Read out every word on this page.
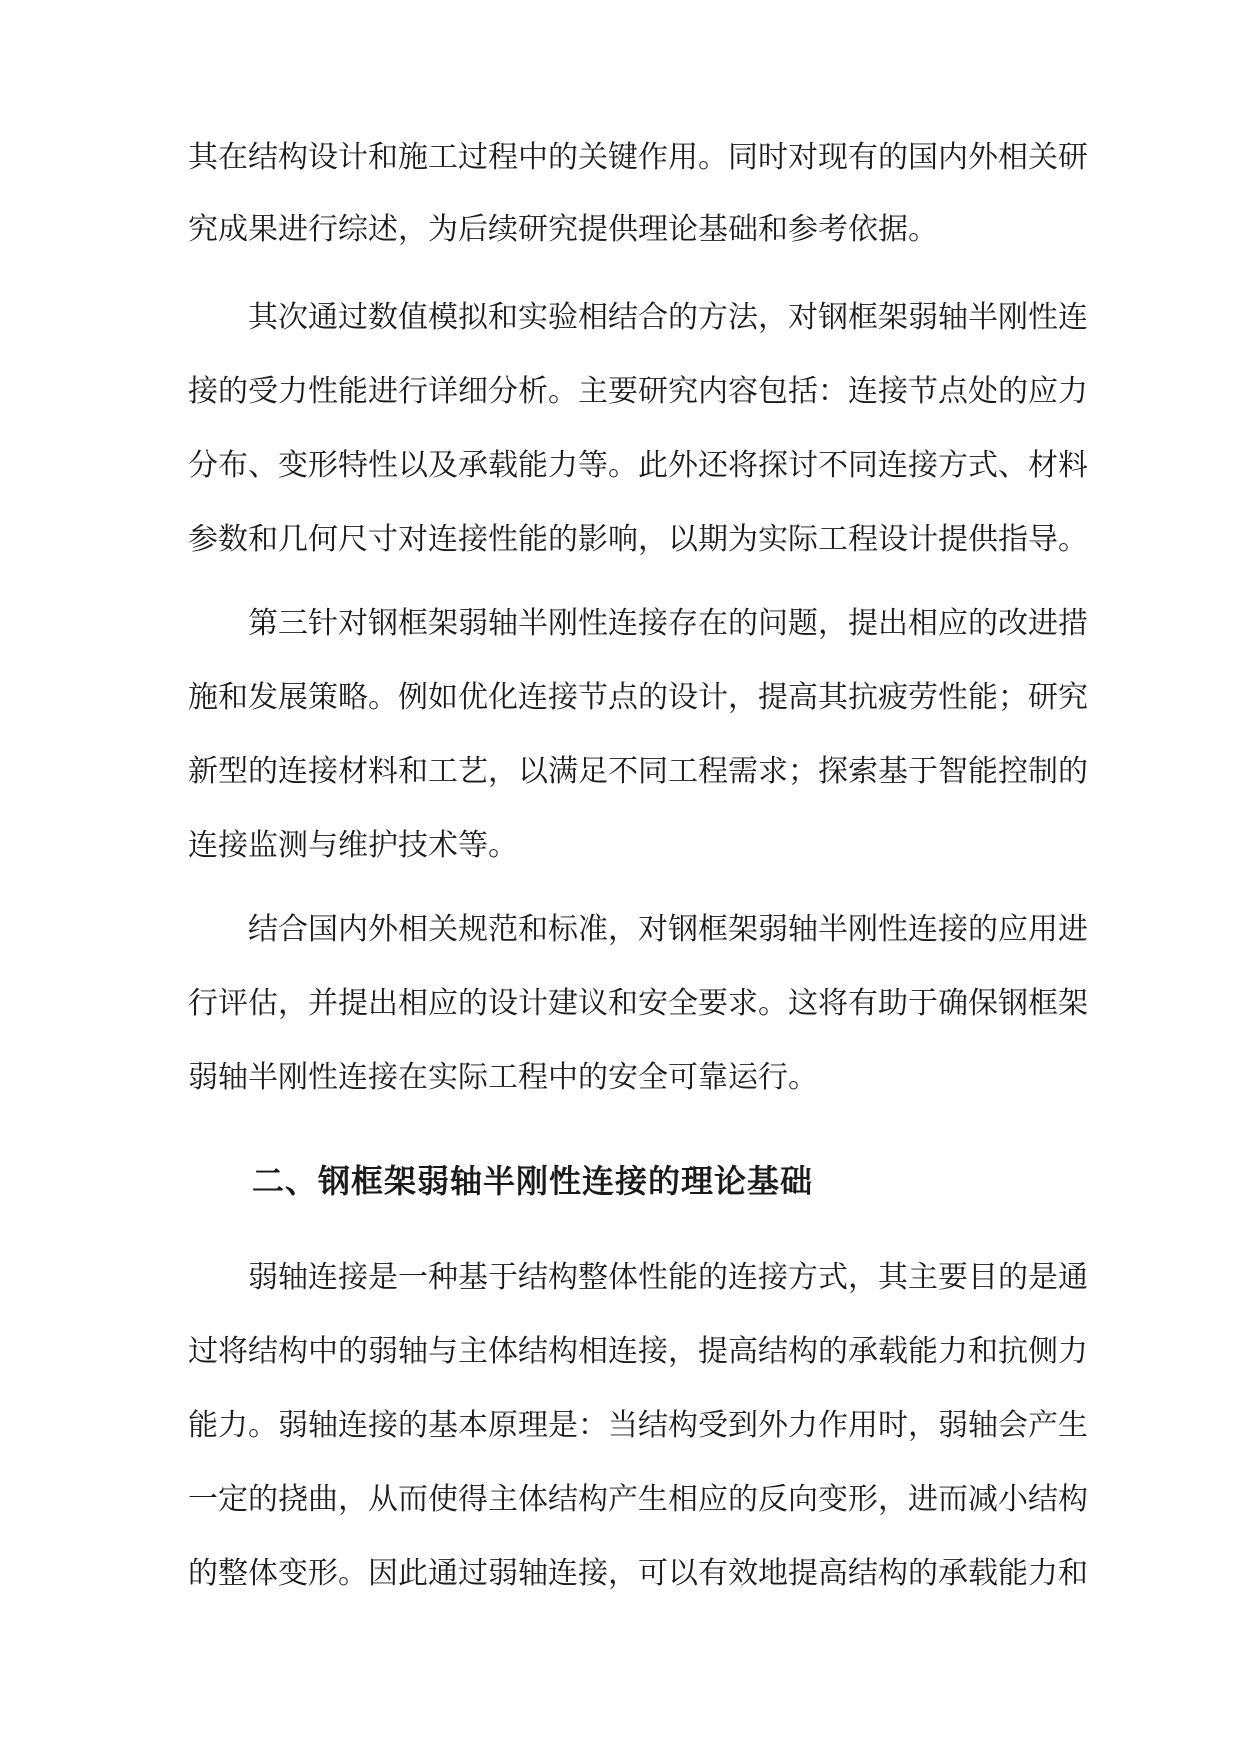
其在结构设计和施工过程中的关键作用。同时对现有的国内外相关研
究成果进行综述，为后续研究提供理论基础和参考依据。
其次通过数值模拟和实验相结合的方法，对钢框架弱轴半刚性连
接的受力性能进行详细分析。主要研究内容包括：连接节点处的应力
分布、变形特性以及承载能力等。此外还将探讨不同连接方式、材料
参数和几何尺寸对连接性能的影响，以期为实际工程设计提供指导。
第三针对钢框架弱轴半刚性连接存在的问题，提出相应的改进措
施和发展策略。例如优化连接节点的设计，提高其抗疲劳性能；研究
新型的连接材料和工艺，以满足不同工程需求；探索基于智能控制的
连接监测与维护技术等。
结合国内外相关规范和标准，对钢框架弱轴半刚性连接的应用进
行评估，并提出相应的设计建议和安全要求。这将有助于确保钢框架
弱轴半刚性连接在实际工程中的安全可靠运行。
二、钢框架弱轴半刚性连接的理论基础
弱轴连接是一种基于结构整体性能的连接方式，其主要目的是通
过将结构中的弱轴与主体结构相连接，提高结构的承载能力和抗侧力
能力。弱轴连接的基本原理是：当结构受到外力作用时，弱轴会产生
一定的挠曲，从而使得主体结构产生相应的反向变形，进而减小结构
的整体变形。因此通过弱轴连接，可以有效地提高结构的承载能力和
